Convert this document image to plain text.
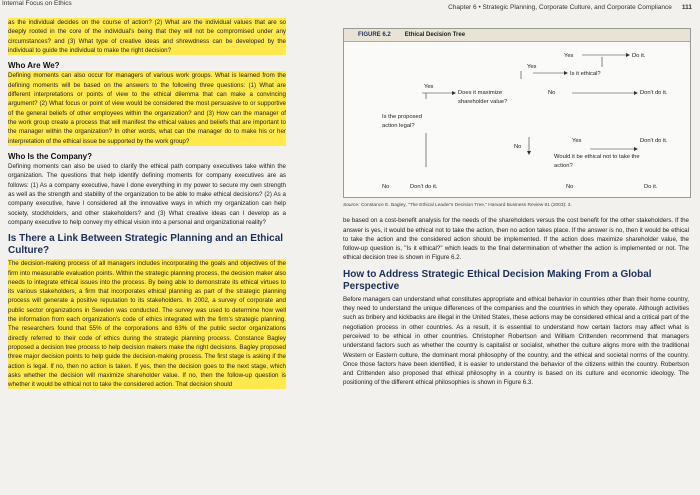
Internal Focus on Ethics
Chapter 6 • Strategic Planning, Corporate Culture, and Corporate Compliance 111

as the individual decides on the course of action? (2) What are the individual values that are so deeply rooted in the core of the individual's being that they will not be compromised under any circumstances? and (3) What type of creative ideas and shrewdness can be developed by the individual to guide the individual to make the right decision?

Who Are We?

Defining moments can also occur for managers of various work groups. What is learned from the defining moments will be based on the answers to the following three questions: (1) What are different interpretations or points of view to the ethical dilemma that can make a convincing argument? (2) What focus or point of view would be considered the most persuasive to or supportive of the general beliefs of other employees within the organization? and (3) How can the manager of the work group create a process that will manifest the ethical values and beliefs that are important to the manager within the organization? In other words, what can the manager do to make his or her interpretation of the ethical issue be supported by the work group?

Who Is the Company?

Defining moments can also be used to clarify the ethical path company executives take within the organization. The questions that help identify defining moments for company executives are as follows: (1) As a company executive, have I done everything in my power to secure my own strength as well as the strength and stability of the organization to be able to make ethical decisions? (2) As a company executive, have I considered all the innovative ways in which my organization can help society, stockholders, and other stakeholders? and (3) What creative ideas can I develop as a company executive to help convey my ethical vision into a personal and organizational reality?

Is There a Link Between Strategic Planning and an Ethical Culture?

The decision-making process of all managers includes incorporating the goals and objectives of the firm into measurable evaluation points. Within the strategic planning process, the decision maker also needs to integrate ethical issues into the process. By being able to demonstrate its ethical virtues to its various stakeholders, a firm that incorporates ethical planning as part of the strategic planning process will generate a positive reputation to its stakeholders. In 2002, a survey of corporate and public sector organizations in Sweden was conducted. The survey was used to determine how well the information from each organization's code of ethics integrated with the firm's strategic planning. The researchers found that 55% of the corporations and 63% of the public sector organizations directly referred to their code of ethics during the strategic planning process. Constance Bagley proposed a decision tree process to help decision makers make the right decisions. Bagley proposed three major decision points to help guide the decision-making process. The first stage is asking if the action is legal. If no, then no action is taken. If yes, then the decision goes to the next stage, which asks whether the decision will maximize shareholder value. If no, then the follow-up question is whether it would be ethical not to take the considered action. That decision should

FIGURE 6.2 Ethical Decision Tree
Yes	Do it.
Yes
Is it ethical?
Yes
Does it maximize shareholder value?
No	Don't do it.
Is the proposed action legal?
Yes	Don't do it.
No
Would it be ethical not to take the action?
No	Don't do it.	No	Do it.
Source: Constance E. Bagley, "The Ethical Leader's Decision Tree," Harvard Business Review 81 (2003): 3.

be based on a cost-benefit analysis for the needs of the shareholders versus the cost benefit for the other stakeholders. If the answer is yes, it would be ethical not to take the action, then no action takes place. If the answer is no, then it would be ethical to take the action and the considered action should be implemented. If the action does maximize shareholder value, the follow-up question is, "Is it ethical?" which leads to the final determination of whether the action is implemented or not. The ethical decision tree is shown in Figure 6.2.

How to Address Strategic Ethical Decision Making From a Global Perspective

Before managers can understand what constitutes appropriate and ethical behavior in countries other than their home country, they need to understand the unique differences of the companies and the countries in which they operate. Although activities such as bribery and kickbacks are illegal in the United States, these actions may be considered ethical and a critical part of the negotiation process in other countries. As a result, it is essential to understand how certain factors may affect what is perceived to be ethical in other countries. Christopher Robertson and William Crittenden recommend that managers understand factors such as whether the country is capitalist or socialist, whether the culture aligns more with the traditional Western or Eastern culture, the dominant moral philosophy of the country, and the ethical and societal norms of the country. Once those factors have been identified, it is easier to understand the behavior of the citizens within the country. Robertson and Crittenden also proposed that ethical philosophy in a country is based on its culture and economic ideology. The positioning of the different ethical philosophies is shown in Figure 6.3.
